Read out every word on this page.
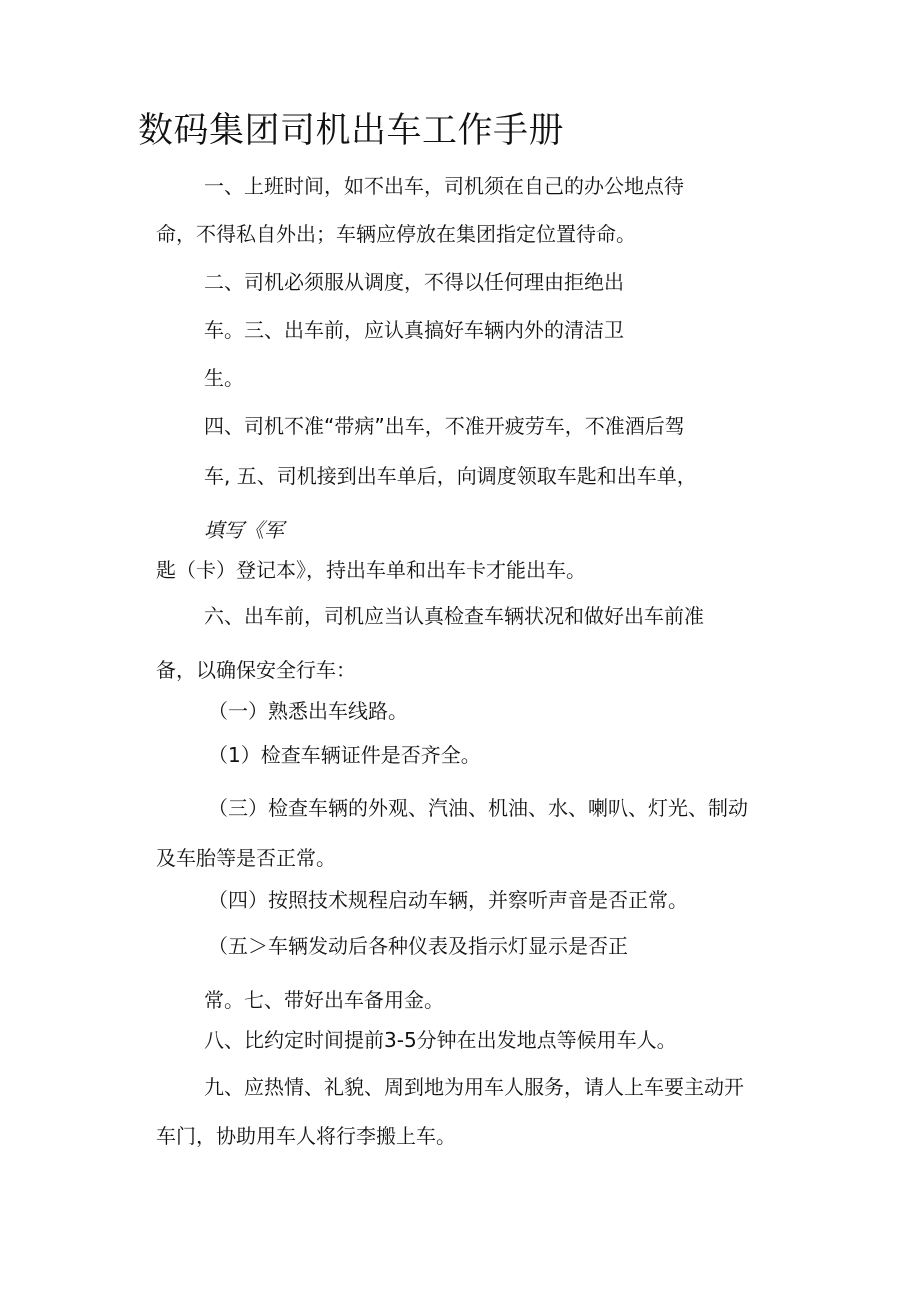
数码集团司机出车工作手册
一、上班时间，如不出车，司机须在自己的办公地点待
命，不得私自外出；车辆应停放在集团指定位置待命。
二、司机必须服从调度，不得以任何理由拒绝出
车。三、出车前，应认真搞好车辆内外的清洁卫
生。
四、司机不准“带病”出车，不准开疲劳车，不准酒后驾
车, 五、司机接到出车单后，向调度领取车匙和出车单，
填写《军
匙（卡）登记本》，持出车单和出车卡才能出车。
六、出车前，司机应当认真检查车辆状况和做好出车前准
备，以确保安全行车：
（一）熟悉出车线路。
（1）检查车辆证件是否齐全。
（三）检查车辆的外观、汽油、机油、水、喇叭、灯光、制动
及车胎等是否正常。
（四）按照技术规程启动车辆，并察听声音是否正常。
（五＞车辆发动后各种仪表及指示灯显示是否正
常。七、带好出车备用金。
八、比约定时间提前3-5分钟在出发地点等候用车人。
九、应热情、礼貌、周到地为用车人服务，请人上车要主动开
车门，协助用车人将行李搬上车。
